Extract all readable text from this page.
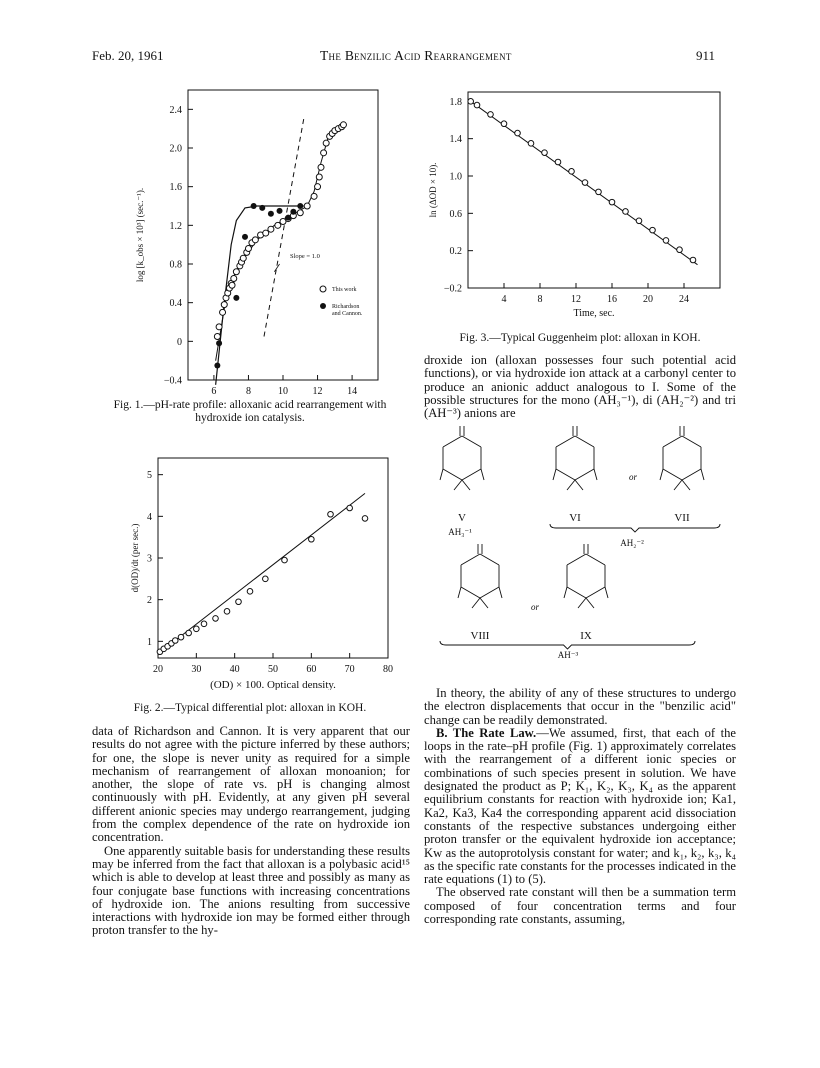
Feb. 20, 1961	The Benzilic Acid Rearrangement	911
−0.4
0
0.4
0.8
1.2
1.6
2.0
2.4
6	8	10 12 14
log [k_obs × 10³] (sec.⁻¹).	Slope = 1.0
This work
Richardson
and Cannon.
Fig. 1.—pH-rate profile: alloxanic acid rearrangement with
hydroxide ion catalysis.
1
2
3
4
5
20	30	40	50	60	70	80
d(OD)/dt (per sec.)
(OD) × 100. Optical density.
Fig. 2.—Typical differential plot: alloxan in KOH.
−0.2
0.2
0.6
1.0
1.4
1.8
4	8	12	16	20	24
Time, sec.
ln (ΔOD × 10).
Fig. 3.—Typical Guggenheim plot: alloxan in KOH.

data of Richardson and Cannon. It is very apparent that our results do not agree with the picture inferred by these authors; for one, the slope is never unity as required for a simple mechanism of rearrangement of alloxan monoanion; for another, the slope of rate vs. pH is changing almost continuously with pH. Evidently, at any given pH several different anionic species may undergo rearrangement, judging from the complex dependence of the rate on hydroxide ion concentration.

One apparently suitable basis for understanding these results may be inferred from the fact that alloxan is a polybasic acid¹⁵ which is able to develop at least three and possibly as many as four conjugate base functions with increasing concentrations of hydroxide ion. The anions resulting from successive interactions with hydroxide ion may be formed either through proton transfer to the hy-

droxide ion (alloxan possesses four such potential acid functions), or via hydroxide ion attack at a carbonyl center to produce an anionic adduct analogous to I. Some of the possible structures for the mono (AH₃⁻¹), di (AH₂⁻²) and tri (AH⁻³) anions are

V
AH₃⁻¹
VI
or
VII
AH₂⁻²
VIII
or
IX
AH⁻³

In theory, the ability of any of these structures to undergo the electron displacements that occur in the "benzilic acid" change can be readily demonstrated.

B. The Rate Law.—We assumed, first, that each of the loops in the rate–pH profile (Fig. 1) approximately correlates with the rearrangement of a different ionic species or combinations of such species present in solution. We have designated the product as P; K₁, K₂, K₃, K₄ as the apparent equilibrium constants for reaction with hydroxide ion; Ka1, Ka2, Ka3, Ka4 the corresponding apparent acid dissociation constants of the respective substances undergoing either proton transfer or the equivalent hydroxide ion acceptance; Kw as the autoprotolysis constant for water; and k₁, k₂, k₃, k₄ as the specific rate constants for the processes indicated in the rate equations (1) to (5).

The observed rate constant will then be a summation term composed of four concentration terms and four corresponding rate constants, assuming,
